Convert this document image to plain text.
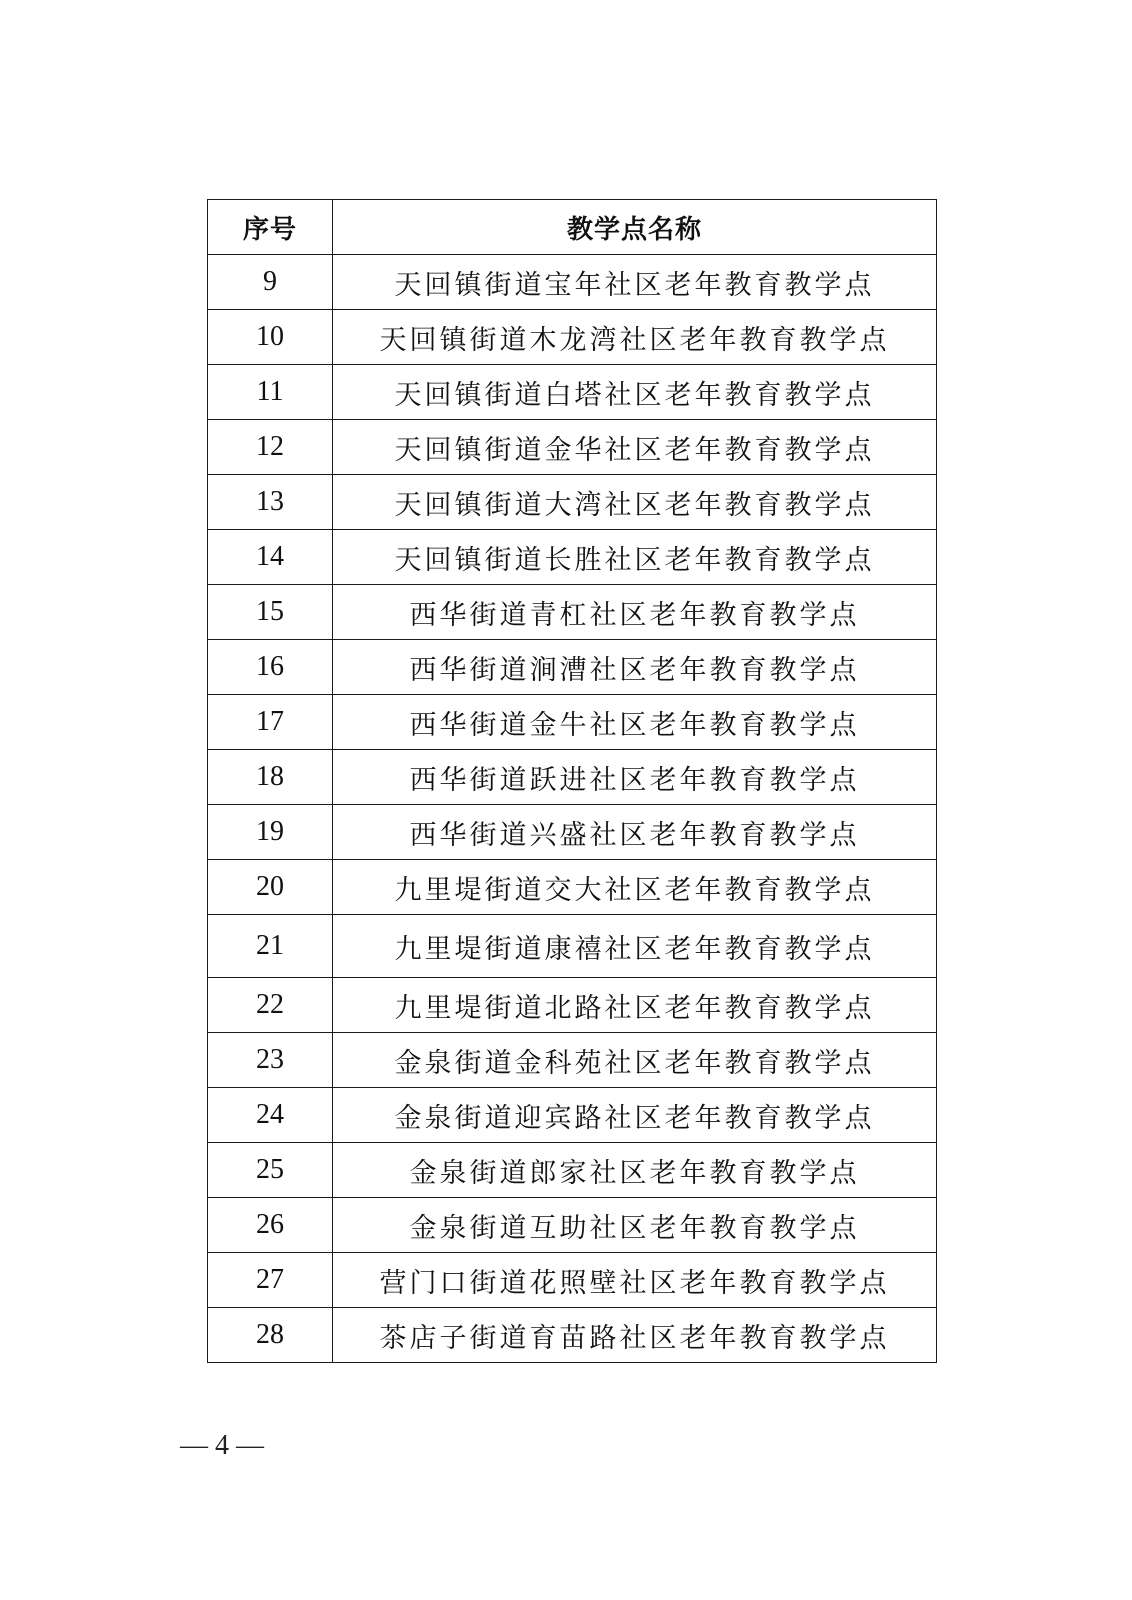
序号	教学点名称
9	天回镇街道宝年社区老年教育教学点
10	天回镇街道木龙湾社区老年教育教学点
11	天回镇街道白塔社区老年教育教学点
12	天回镇街道金华社区老年教育教学点
13	天回镇街道大湾社区老年教育教学点
14	天回镇街道长胜社区老年教育教学点
15	西华街道青杠社区老年教育教学点
16	西华街道涧漕社区老年教育教学点
17	西华街道金牛社区老年教育教学点
18	西华街道跃进社区老年教育教学点
19	西华街道兴盛社区老年教育教学点
20	九里堤街道交大社区老年教育教学点
21	九里堤街道康禧社区老年教育教学点
22	九里堤街道北路社区老年教育教学点
23	金泉街道金科苑社区老年教育教学点
24	金泉街道迎宾路社区老年教育教学点
25	金泉街道郎家社区老年教育教学点
26	金泉街道互助社区老年教育教学点
27	营门口街道花照壁社区老年教育教学点
28	茶店子街道育苗路社区老年教育教学点
— 4 —
